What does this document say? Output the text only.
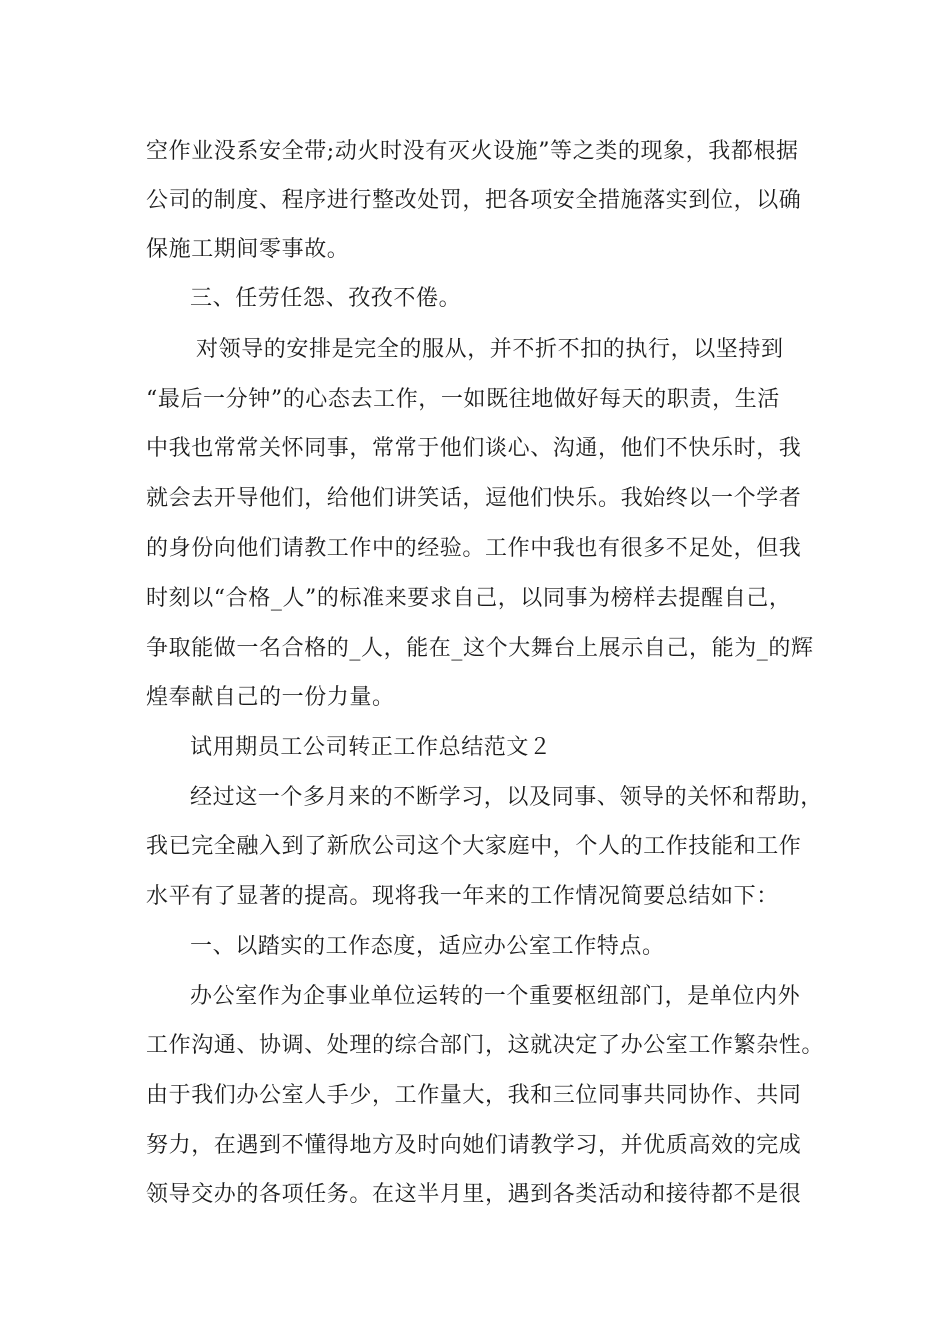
空作业没系安全带;动火时没有灭火设施”等之类的现象，我都根据
公司的制度、程序进行整改处罚，把各项安全措施落实到位，以确
保施工期间零事故。
三、任劳任怨、孜孜不倦。
对领导的安排是完全的服从，并不折不扣的执行，以坚持到
“最后一分钟”的心态去工作，一如既往地做好每天的职责，生活
中我也常常关怀同事，常常于他们谈心、沟通，他们不快乐时，我
就会去开导他们，给他们讲笑话，逗他们快乐。我始终以一个学者
的身份向他们请教工作中的经验。工作中我也有很多不足处，但我
时刻以“合格_人”的标准来要求自己，以同事为榜样去提醒自己，
争取能做一名合格的_人，能在_这个大舞台上展示自己，能为_的辉
煌奉献自己的一份力量。
试用期员工公司转正工作总结范文２
经过这一个多月来的不断学习，以及同事、领导的关怀和帮助，
我已完全融入到了新欣公司这个大家庭中，个人的工作技能和工作
水平有了显著的提高。现将我一年来的工作情况简要总结如下：
一、以踏实的工作态度，适应办公室工作特点。
办公室作为企事业单位运转的一个重要枢纽部门，是单位内外
工作沟通、协调、处理的综合部门，这就决定了办公室工作繁杂性。
由于我们办公室人手少，工作量大，我和三位同事共同协作、共同
努力，在遇到不懂得地方及时向她们请教学习，并优质高效的完成
领导交办的各项任务。在这半月里，遇到各类活动和接待都不是很
